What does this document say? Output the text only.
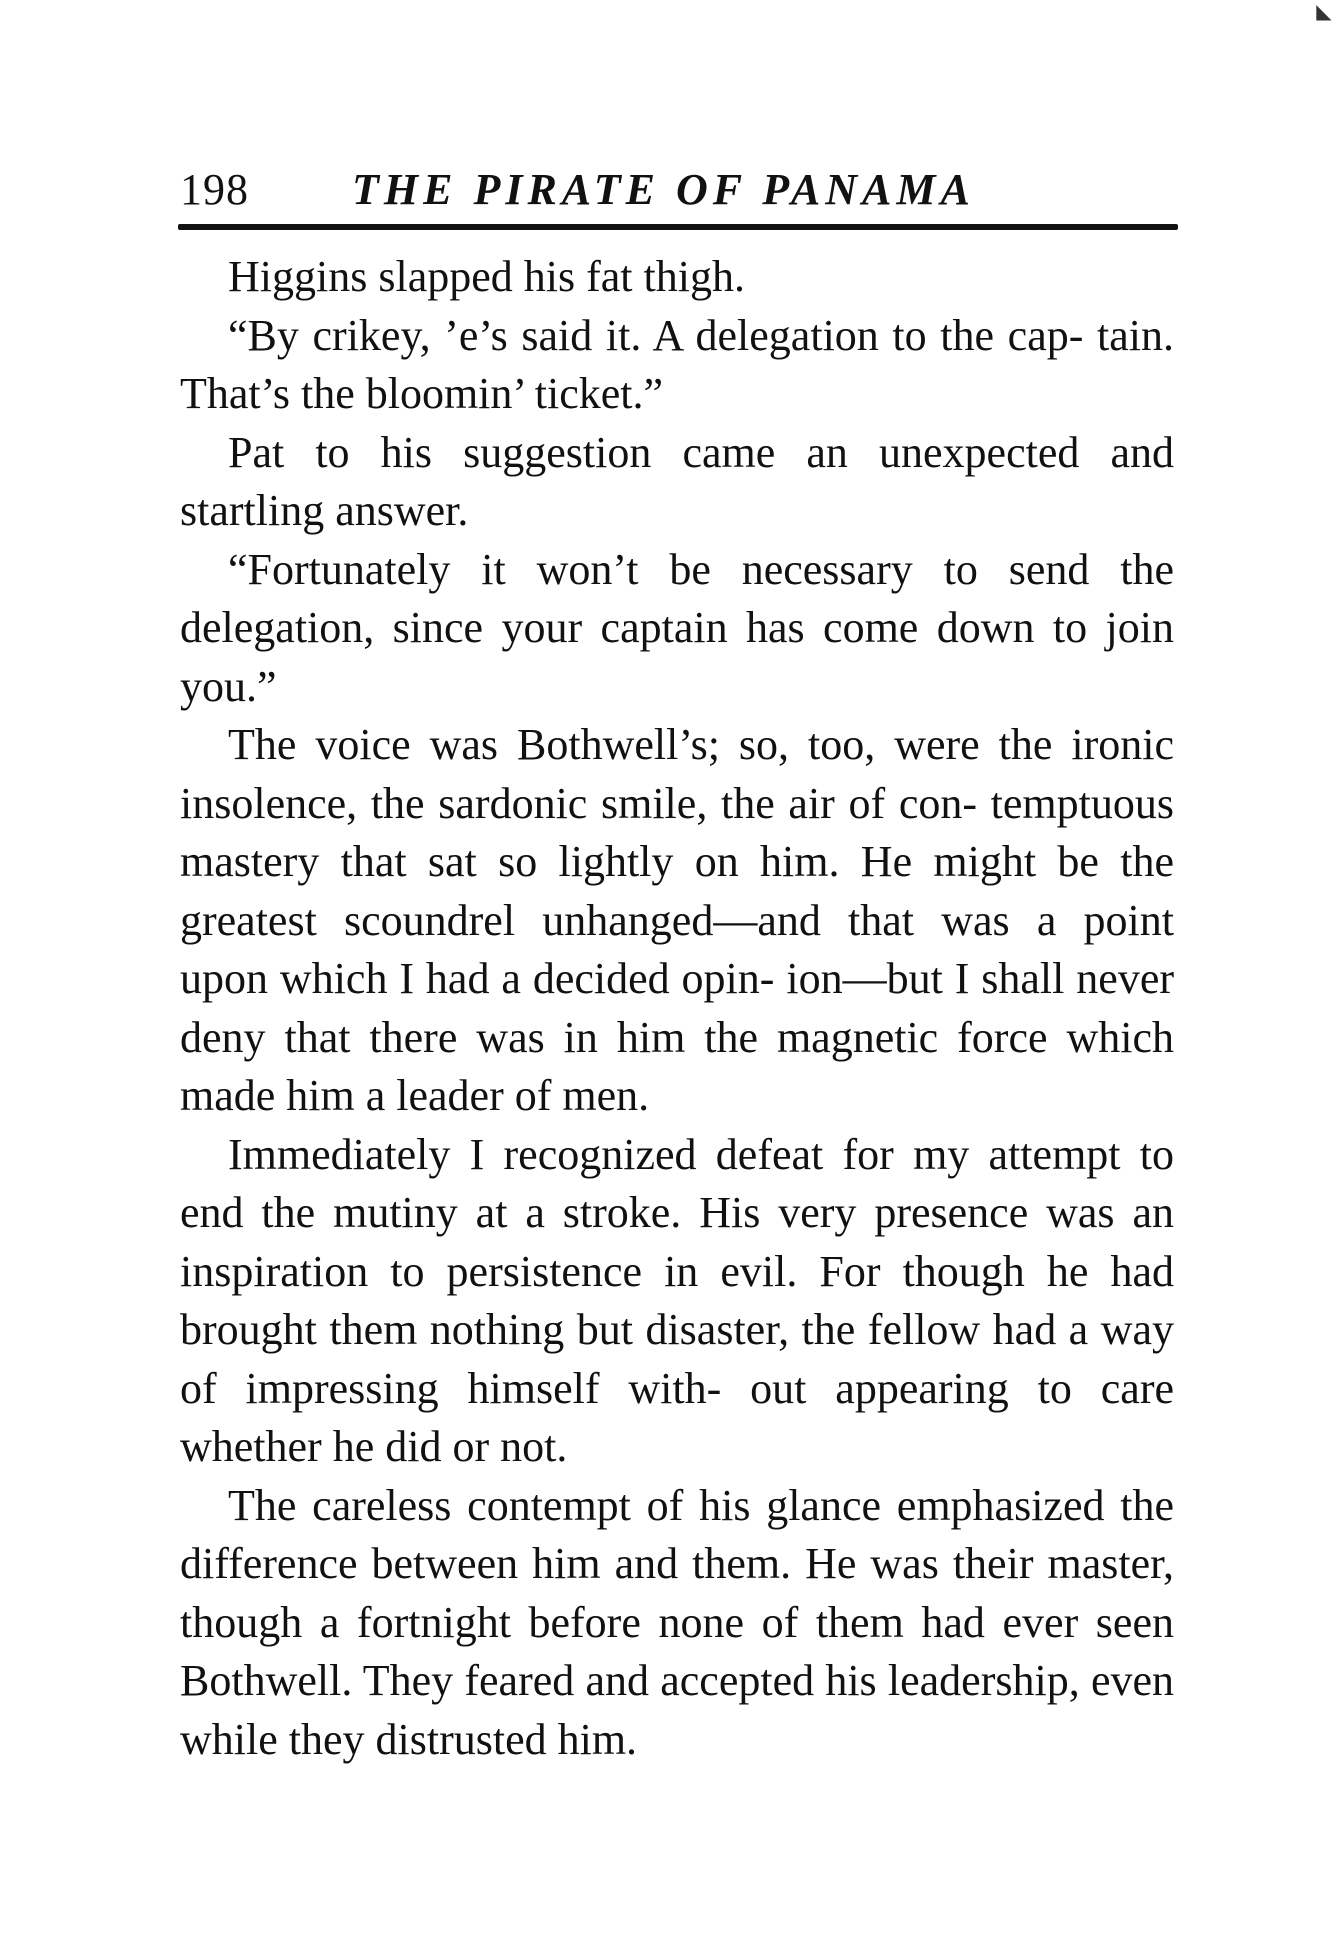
◣
198 THE PIRATE OF PANAMA

Higgins slapped his fat thigh.

“By crikey, ’e’s said it. A delegation to the cap- tain. That’s the bloomin’ ticket.”

Pat to his suggestion came an unexpected and startling answer.

“Fortunately it won’t be necessary to send the delegation, since your captain has come down to join you.”

The voice was Bothwell’s; so, too, were the ironic insolence, the sardonic smile, the air of con- temptuous mastery that sat so lightly on him. He might be the greatest scoundrel unhanged—and that was a point upon which I had a decided opin- ion—but I shall never deny that there was in him the magnetic force which made him a leader of men.

Immediately I recognized defeat for my attempt to end the mutiny at a stroke. His very presence was an inspiration to persistence in evil. For though he had brought them nothing but disaster, the fellow had a way of impressing himself with- out appearing to care whether he did or not.

The careless contempt of his glance emphasized the difference between him and them. He was their master, though a fortnight before none of them had ever seen Bothwell. They feared and accepted his leadership, even while they distrusted him.
